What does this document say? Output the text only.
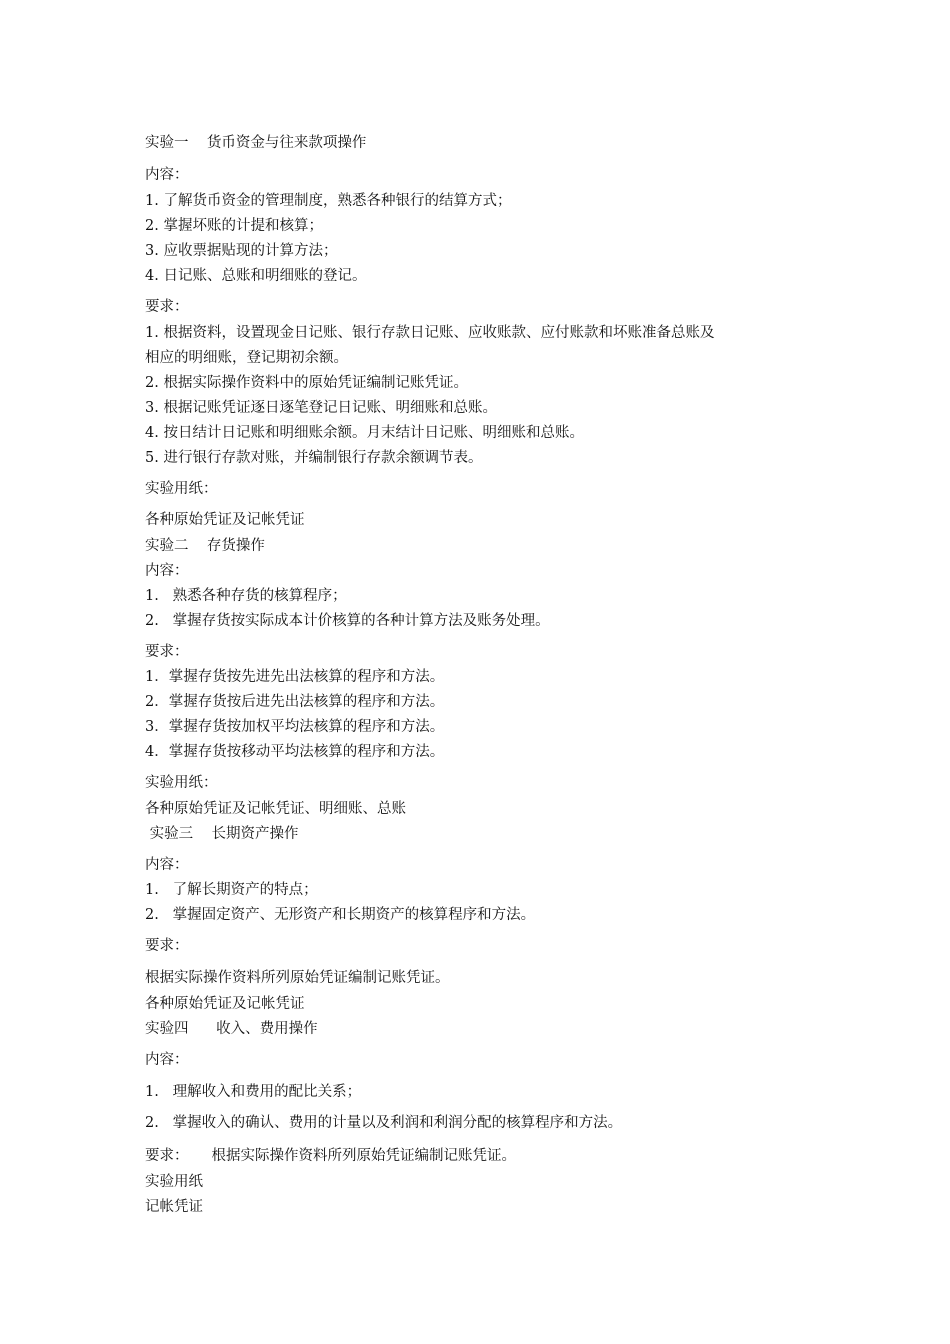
实验一    货币资金与往来款项操作
内容：
1. 了解货币资金的管理制度，熟悉各种银行的结算方式；
2. 掌握坏账的计提和核算；
3. 应收票据贴现的计算方法；
4. 日记账、总账和明细账的登记。
要求：
1. 根据资料，设置现金日记账、银行存款日记账、应收账款、应付账款和坏账准备总账及
相应的明细账，登记期初余额。
2. 根据实际操作资料中的原始凭证编制记账凭证。
3. 根据记账凭证逐日逐笔登记日记账、明细账和总账。
4. 按日结计日记账和明细账余额。月末结计日记账、明细账和总账。
5. 进行银行存款对账，并编制银行存款余额调节表。
实验用纸：
各种原始凭证及记帐凭证
实验二    存货操作
内容：
1.   熟悉各种存货的核算程序；
2.   掌握存货按实际成本计价核算的各种计算方法及账务处理。
要求：
1．掌握存货按先进先出法核算的程序和方法。
2．掌握存货按后进先出法核算的程序和方法。
3．掌握存货按加权平均法核算的程序和方法。
4．掌握存货按移动平均法核算的程序和方法。
实验用纸：
各种原始凭证及记帐凭证、明细账、总账
实验三    长期资产操作
内容：
1.   了解长期资产的特点；
2.   掌握固定资产、无形资产和长期资产的核算程序和方法。
要求：
根据实际操作资料所列原始凭证编制记账凭证。
各种原始凭证及记帐凭证
实验四      收入、费用操作
内容：
1.   理解收入和费用的配比关系；
2.   掌握收入的确认、费用的计量以及利润和利润分配的核算程序和方法。
要求：     根据实际操作资料所列原始凭证编制记账凭证。
实验用纸
记帐凭证
